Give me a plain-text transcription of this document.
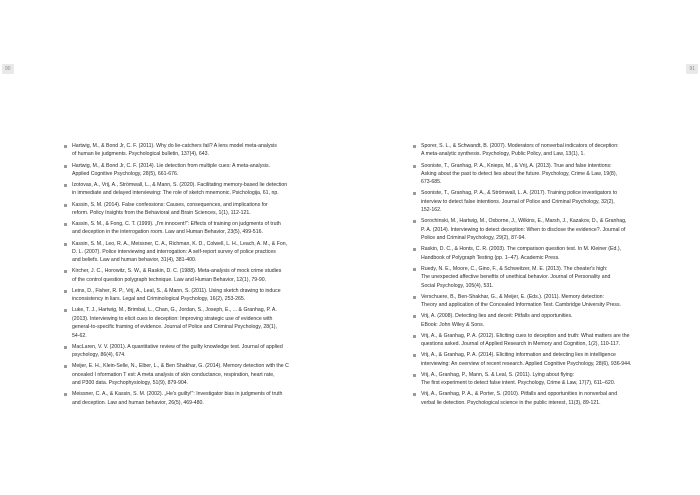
90	91
Hartwig, M., & Bond Jr, C. F. (2011). Why do lie-catchers fail? A lens model meta-analysis
of human lie judgments. Psychological bulletin, 137(4), 643.
Hartwig, M., & Bond Jr, C. F. (2014). Lie detection from multiple cues: A meta-analysis.
Applied Cognitive Psychology, 28(5), 661-676.
Izotovas, A., Vrij, A., Strömwall, L., & Mann, S. (2020). Facilitating memory-based lie detection
in immediate and delayed interviewing: The role of sketch mnemonic. Psichologija, 61, np.
Kassin, S. M. (2014). False confessions: Causes, consequences, and implications for
reform. Policy Insights from the Behavioral and Brain Sciences, 1(1), 112-121.
Kassin, S. M., & Fong, C. T. (1999). „I'm innocent!": Effects of training on judgments of truth
and deception in the interrogation room. Law and Human Behavior, 23(5), 499-516.
Kassin, S. M., Leo, R. A., Meissner, C. A., Richman, K. D., Colwell, L. H., Leach, A. M., & Fon,
D. L. (2007). Police interviewing and interrogation: A self-report survey of police practices
and beliefs. Law and human behavior, 31(4), 381-400.
Kircher, J. C., Horowitz, S. W., & Raskin, D. C. (1988). Meta-analysis of mock crime studies
of the control question polygraph technique. Law and Human Behavior, 12(1), 79-90.
Leins, D., Fisher, R. P., Vrij, A., Leal, S., & Mann, S. (2011). Using sketch drawing to induce
inconsistency in liars. Legal and Criminological Psychology, 16(2), 253-265.
Luke, T. J., Hartwig, M., Brimbal, L., Chan, G., Jordan, S., Joseph, E., ... & Granhag, P. A.
(2013). Interviewing to elicit cues to deception: Improving strategic use of evidence with
general-to-specific framing of evidence. Journal of Police and Criminal Psychology, 28(1),
54-62.
MacLaren, V. V. (2001). A quantitative review of the guilty knowledge test. Journal of applied
psychology, 86(4), 674.
Meijer, E. H., Klein-Selle, N., Elber, L., & Ben Shakhar, G. (2014). Memory detection with the C
oncealed I nformation T est: A meta analysis of skin conductance, respiration, heart rate,
and P300 data. Psychophysiology, 51(9), 879-904.
Meissner, C. A., & Kassin, S. M. (2002). „He's guilty!": Investigator bias in judgments of truth
and deception. Law and human behavior, 26(5), 469-480.
Sporer, S. L., & Schwandt, B. (2007). Moderators of nonverbal indicators of deception:
A meta-analytic synthesis. Psychology, Public Policy, and Law, 13(1), 1.
Sooniste, T., Granhag, P. A., Knieps, M., & Vrij, A. (2013). True and false intentions:
Asking about the past to detect lies about the future. Psychology, Crime & Law, 19(8),
673-685.
Sooniste, T., Granhag, P. A., & Strömwall, L. A. (2017). Training police investigators to
interview to detect false intentions. Journal of Police and Criminal Psychology, 32(2),
152-162.
Sorochinski, M., Hartwig, M., Osborne, J., Wilkins, E., Marsh, J., Kazakov, D., & Granhag,
P. A. (2014). Interviewing to detect deception: When to disclose the evidence?. Journal of
Police and Criminal Psychology, 29(2), 87-94.
Raskin, D. C., & Honts, C. R. (2003). The comparison question test. In M. Kleiner (Ed.),
Handbook of Polygraph Testing (pp. 1–47). Academic Press.
Ruedy, N. E., Moore, C., Gino, F., & Schweitzer, M. E. (2013). The cheater's high:
The unexpected affective benefits of unethical behavior. Journal of Personality and
Social Psychology, 105(4), 531.
Verschuere, B., Ben-Shakhar, G., & Meijer, E. (Eds.). (2011). Memory detection:
Theory and application of the Concealed Information Test. Cambridge University Press.
Vrij, A. (2008). Detecting lies and deceit: Pitfalls and opportunities.
EBook: John Wiley & Sons.
Vrij, A., & Granhag, P. A. (2012). Eliciting cues to deception and truth: What matters are the
questions asked. Journal of Applied Research in Memory and Cognition, 1(2), 110-117.
Vrij, A., & Granhag, P. A. (2014). Eliciting information and detecting lies in intelligence
interviewing: An overview of recent research. Applied Cognitive Psychology, 28(6), 936-944.
Vrij, A., Granhag, P., Mann, S. & Leal, S. (2011). Lying about flying:
The first experiment to detect false intent. Psychology, Crime & Law, 17(7), 611–620.
Vrij, A., Granhag, P. A., & Porter, S. (2010). Pitfalls and opportunities in nonverbal and
verbal lie detection. Psychological science in the public interest, 11(3), 89-121.
